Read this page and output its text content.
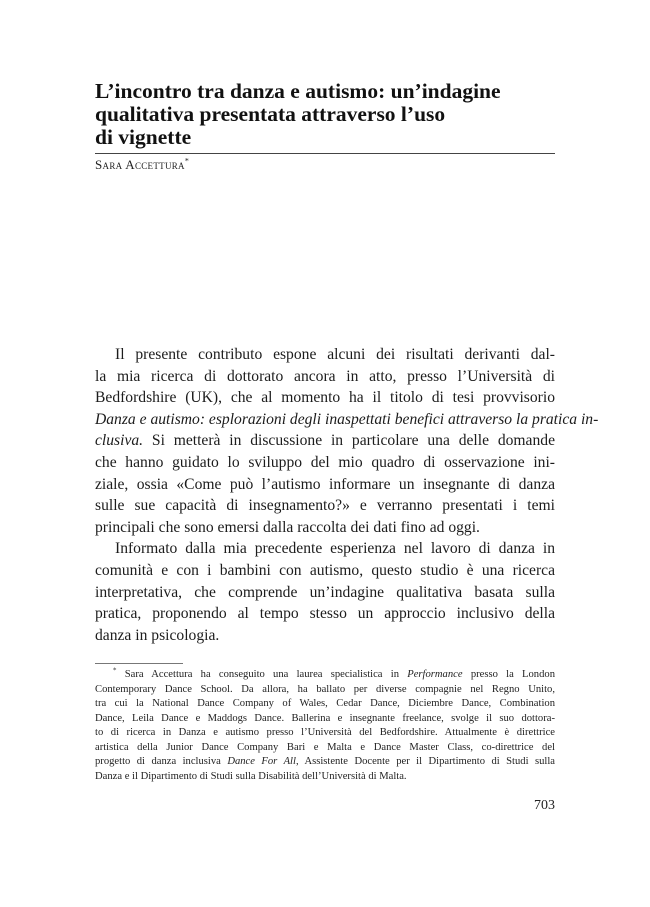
L’incontro tra danza e autismo: un’indagine
qualitativa presentata attraverso l’uso
di vignette
Sara Accettura*
Il presente contributo espone alcuni dei risultati derivanti dal-
la mia ricerca di dottorato ancora in atto, presso l’Università di
Bedfordshire (UK), che al momento ha il titolo di tesi provvisorio
Danza e autismo: esplorazioni degli inaspettati benefici attraverso la pratica in-
clusiva. Si metterà in discussione in particolare una delle domande
che hanno guidato lo sviluppo del mio quadro di osservazione ini-
ziale, ossia «Come può l’autismo informare un insegnante di danza
sulle sue capacità di insegnamento?» e verranno presentati i temi
principali che sono emersi dalla raccolta dei dati fino ad oggi.
Informato dalla mia precedente esperienza nel lavoro di danza in
comunità e con i bambini con autismo, questo studio è una ricerca
interpretativa, che comprende un’indagine qualitativa basata sulla
pratica, proponendo al tempo stesso un approccio inclusivo della
danza in psicologia.
* Sara Accettura ha conseguito una laurea specialistica in Performance presso la London
Contemporary Dance School. Da allora, ha ballato per diverse compagnie nel Regno Unito,
tra cui la National Dance Company of Wales, Cedar Dance, Diciembre Dance, Combination
Dance, Leila Dance e Maddogs Dance. Ballerina e insegnante freelance, svolge il suo dottora-
to di ricerca in Danza e autismo presso l’Università del Bedfordshire. Attualmente è direttrice
artistica della Junior Dance Company Bari e Malta e Dance Master Class, co-direttrice del
progetto di danza inclusiva Dance For All, Assistente Docente per il Dipartimento di Studi sulla
Danza e il Dipartimento di Studi sulla Disabilità dell’Università di Malta.
703
